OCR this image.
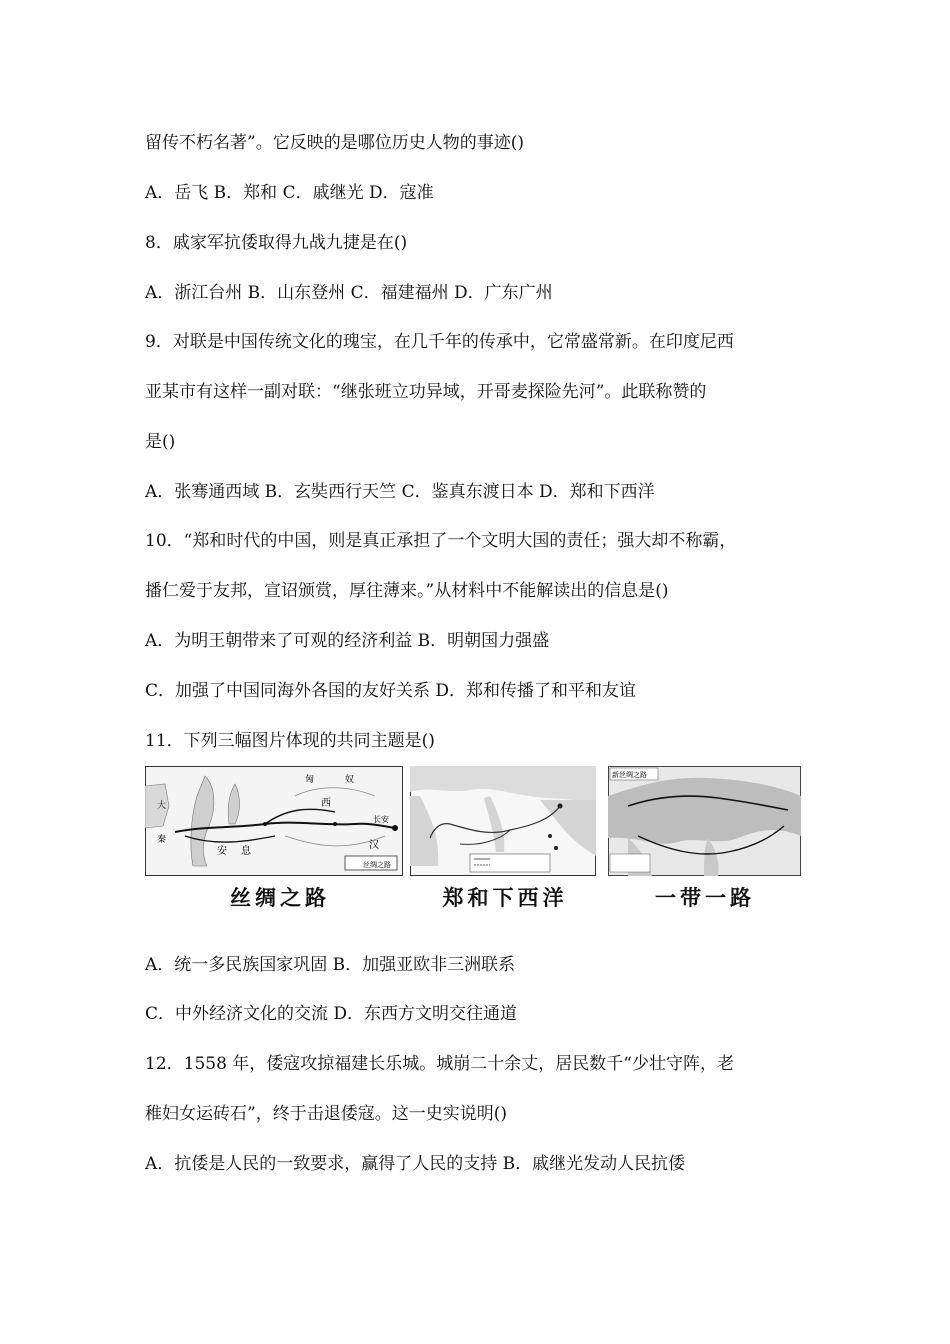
留传不朽名著”。它反映的是哪位历史人物的事迹()
A．岳飞 B．郑和 C．戚继光 D．寇准
8．戚家军抗倭取得九战九捷是在()
A．浙江台州 B．山东登州 C．福建福州 D．广东广州
9．对联是中国传统文化的瑰宝，在几千年的传承中，它常盛常新。在印度尼西
亚某市有这样一副对联：“继张班立功异域，开哥麦探险先河”。此联称赞的
是()
A．张骞通西域 B．玄奘西行天竺 C．鉴真东渡日本 D．郑和下西洋
10．“郑和时代的中国，则是真正承担了一个文明大国的责任；强大却不称霸，
播仁爱于友邦，宣诏颁赏，厚往薄来。”从材料中不能解读出的信息是()
A．为明王朝带来了可观的经济利益 B．明朝国力强盛
C．加强了中国同海外各国的友好关系 D．郑和传播了和平和友谊
11．下列三幅图片体现的共同主题是()
匈	奴
大
秦
安 息
西
汉
长安
丝绸之路
新丝绸之路
丝绸之路	郑和下西洋	一带一路
A．统一多民族国家巩固 B．加强亚欧非三洲联系
C．中外经济文化的交流 D．东西方文明交往通道
12．1558 年，倭寇攻掠福建长乐城。城崩二十余丈，居民数千“少壮守阵，老
稚妇女运砖石”，终于击退倭寇。这一史实说明()
A．抗倭是人民的一致要求，赢得了人民的支持 B．戚继光发动人民抗倭
